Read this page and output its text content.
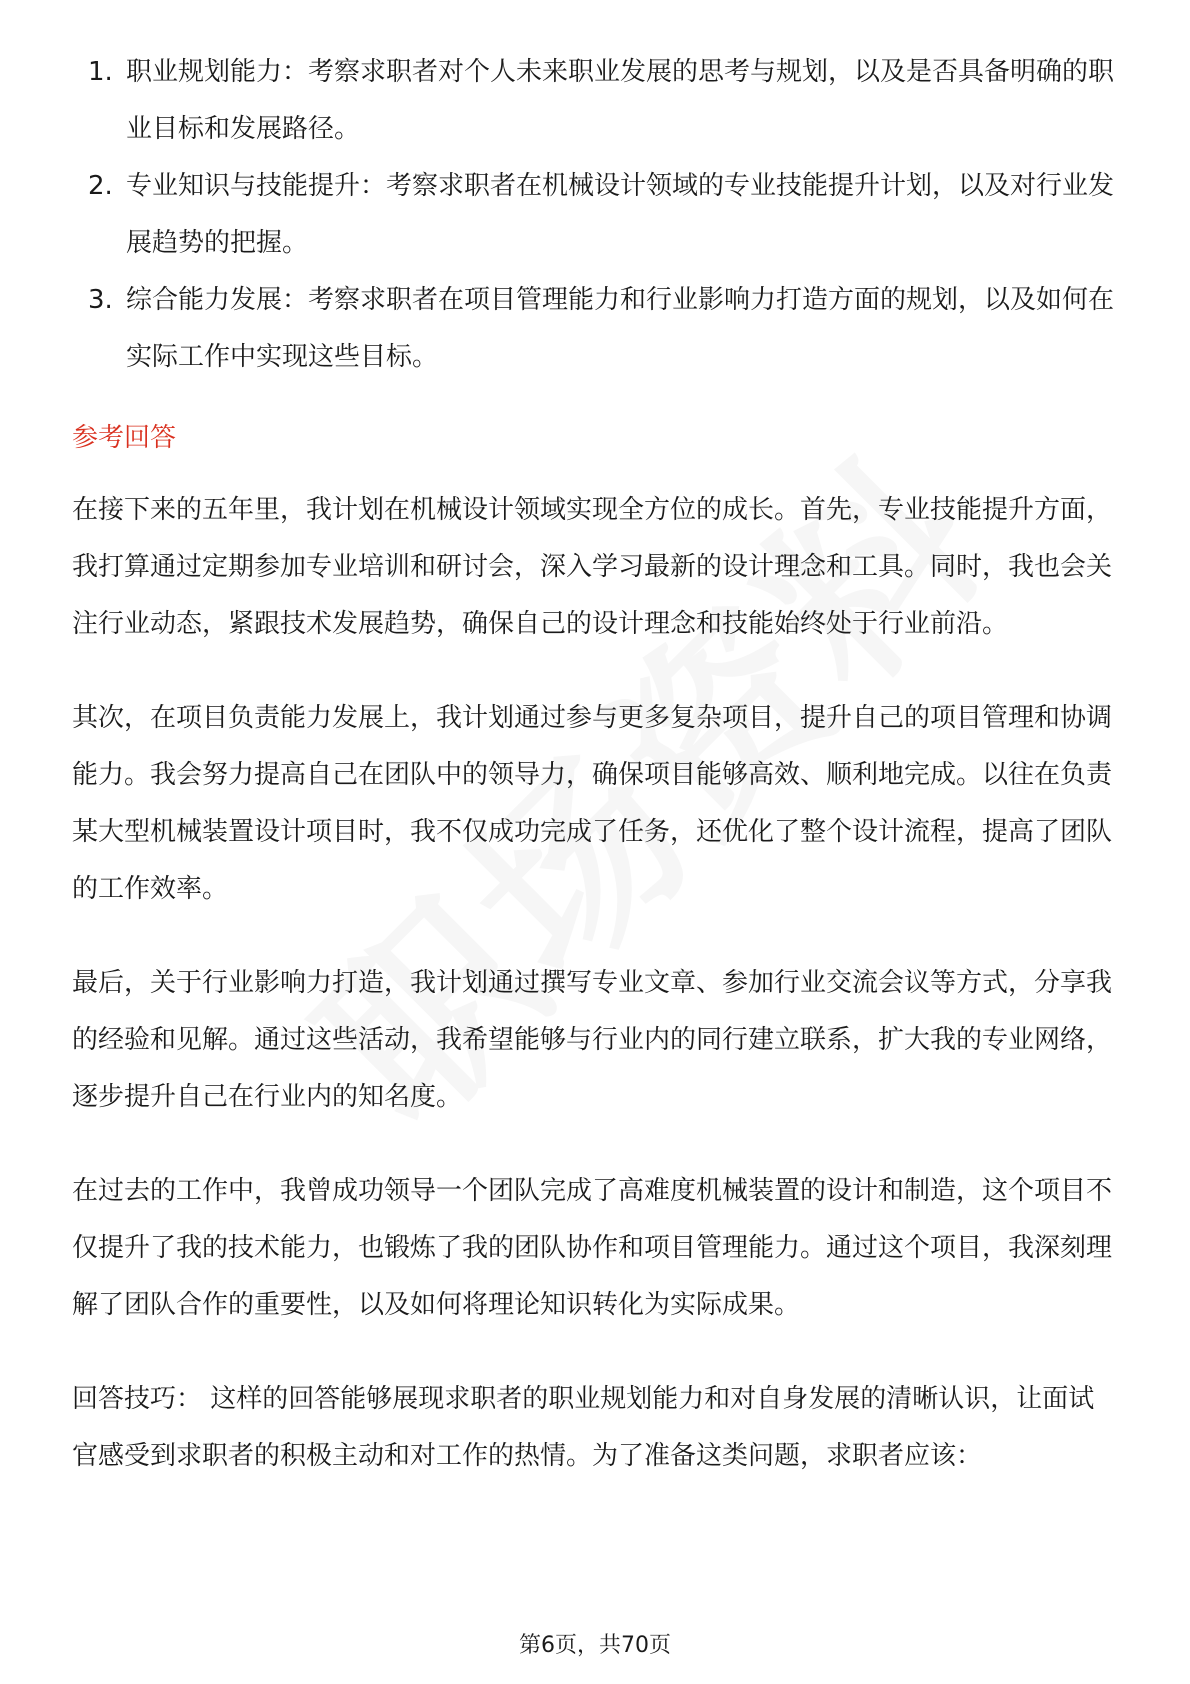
1. 职业规划能力：考察求职者对个人未来职业发展的思考与规划，以及是否具备明确的职业目标和发展路径。
2. 专业知识与技能提升：考察求职者在机械设计领域的专业技能提升计划，以及对行业发展趋势的把握。
3. 综合能力发展：考察求职者在项目管理能力和行业影响力打造方面的规划，以及如何在实际工作中实现这些目标。
参考回答

在接下来的五年里，我计划在机械设计领域实现全方位的成长。首先，专业技能提升方面，我打算通过定期参加专业培训和研讨会，深入学习最新的设计理念和工具。同时，我也会关注行业动态，紧跟技术发展趋势，确保自己的设计理念和技能始终处于行业前沿。

其次，在项目负责能力发展上，我计划通过参与更多复杂项目，提升自己的项目管理和协调能力。我会努力提高自己在团队中的领导力，确保项目能够高效、顺利地完成。以往在负责某大型机械装置设计项目时，我不仅成功完成了任务，还优化了整个设计流程，提高了团队的工作效率。

最后，关于行业影响力打造，我计划通过撰写专业文章、参加行业交流会议等方式，分享我的经验和见解。通过这些活动，我希望能够与行业内的同行建立联系，扩大我的专业网络，逐步提升自己在行业内的知名度。

在过去的工作中，我曾成功领导一个团队完成了高难度机械装置的设计和制造，这个项目不仅提升了我的技术能力，也锻炼了我的团队协作和项目管理能力。通过这个项目，我深刻理解了团队合作的重要性，以及如何将理论知识转化为实际成果。

回答技巧： 这样的回答能够展现求职者的职业规划能力和对自身发展的清晰认识，让面试官感受到求职者的积极主动和对工作的热情。为了准备这类问题，求职者应该：

第6页，共70页
